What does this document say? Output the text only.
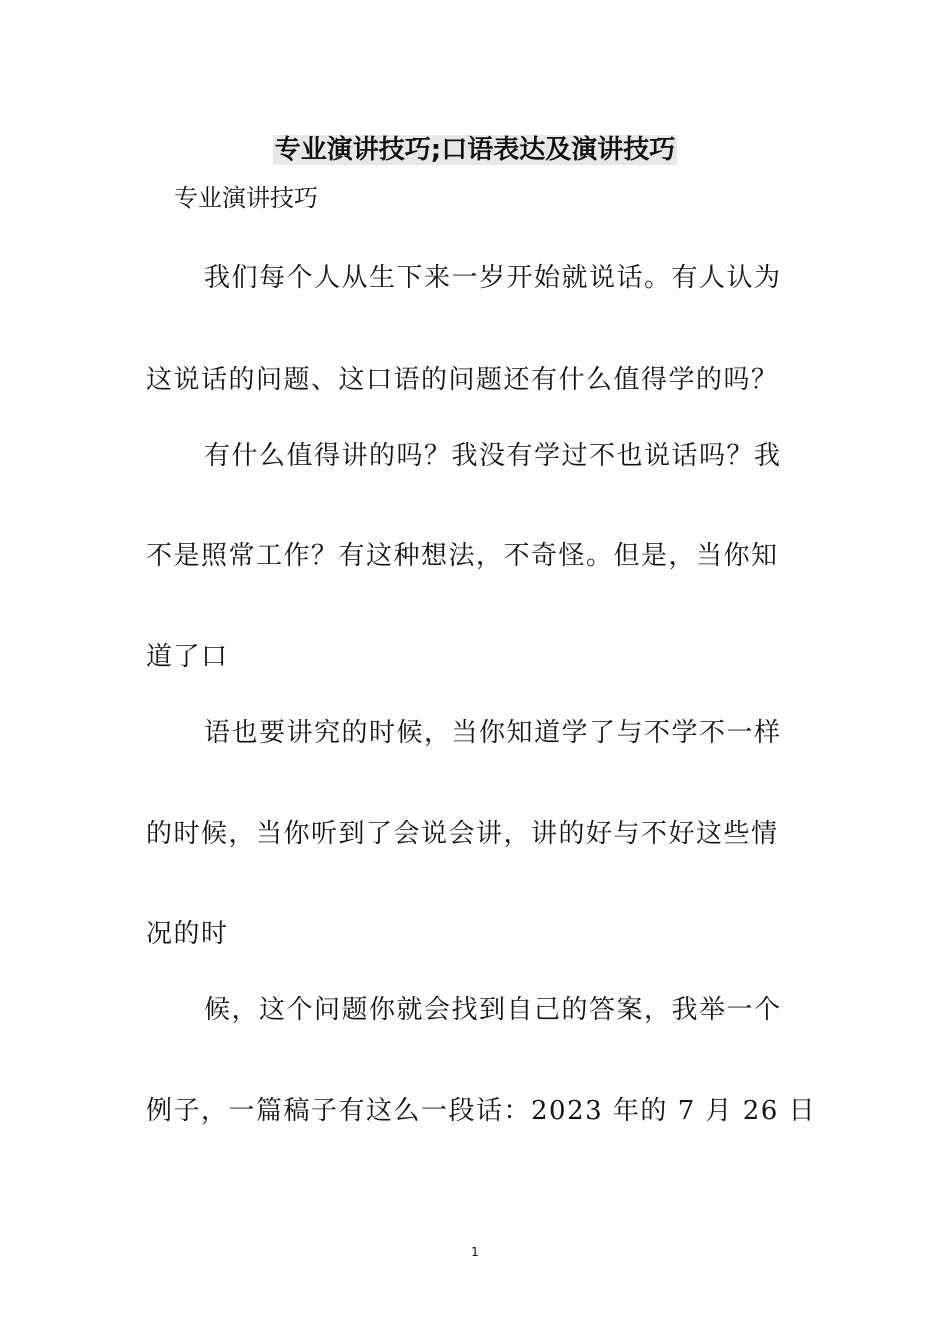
专业演讲技巧;口语表达及演讲技巧

专业演讲技巧

我们每个人从生下来一岁开始就说话。有人认为

这说话的问题、这口语的问题还有什么值得学的吗？

有什么值得讲的吗？我没有学过不也说话吗？我

不是照常工作？有这种想法，不奇怪。但是，当你知

道了口

语也要讲究的时候，当你知道学了与不学不一样

的时候，当你听到了会说会讲，讲的好与不好这些情

况的时

候，这个问题你就会找到自己的答案，我举一个

例子，一篇稿子有这么一段话：2023 年的 7 月 26 日

1
